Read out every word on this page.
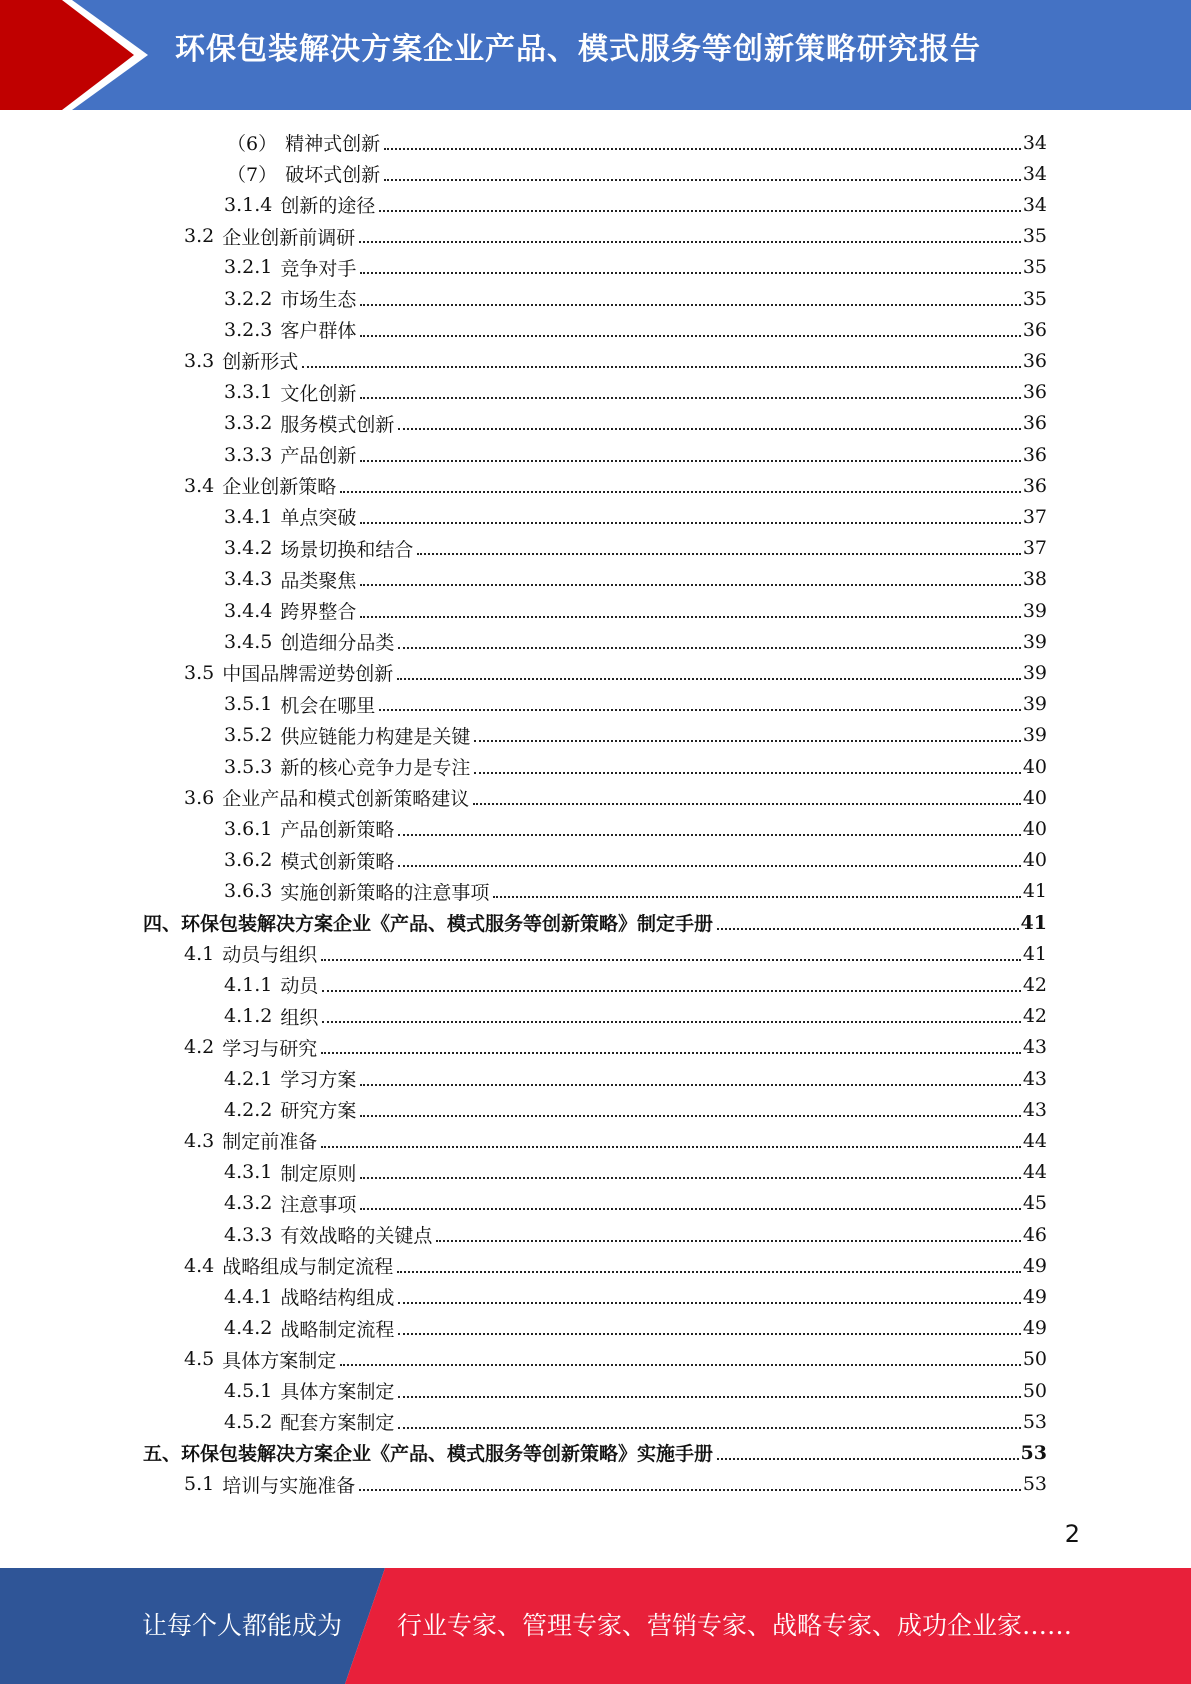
环保包装解决方案企业产品、模式服务等创新策略研究报告
（6） 精神式创新	34
（7） 破坏式创新	34
3.1.4 创新的途径	34
3.2 企业创新前调研	35
3.2.1 竞争对手	35
3.2.2 市场生态	35
3.2.3 客户群体	36
3.3 创新形式	36
3.3.1 文化创新	36
3.3.2 服务模式创新	36
3.3.3 产品创新	36
3.4 企业创新策略	36
3.4.1 单点突破	37
3.4.2 场景切换和结合	37
3.4.3 品类聚焦	38
3.4.4 跨界整合	39
3.4.5 创造细分品类	39
3.5 中国品牌需逆势创新	39
3.5.1 机会在哪里	39
3.5.2 供应链能力构建是关键	39
3.5.3 新的核心竞争力是专注	40
3.6 企业产品和模式创新策略建议	40
3.6.1 产品创新策略	40
3.6.2 模式创新策略	40
3.6.3 实施创新策略的注意事项	41
四、环保包装解决方案企业《产品、模式服务等创新策略》制定手册	41
4.1 动员与组织	41
4.1.1 动员	42
4.1.2 组织	42
4.2 学习与研究	43
4.2.1 学习方案	43
4.2.2 研究方案	43
4.3 制定前准备	44
4.3.1 制定原则	44
4.3.2 注意事项	45
4.3.3 有效战略的关键点	46
4.4 战略组成与制定流程	49
4.4.1 战略结构组成	49
4.4.2 战略制定流程	49
4.5 具体方案制定	50
4.5.1 具体方案制定	50
4.5.2 配套方案制定	53
五、环保包装解决方案企业《产品、模式服务等创新策略》实施手册	53
5.1 培训与实施准备	53
2
让每个人都能成为 行业专家、管理专家、营销专家、战略专家、成功企业家……
